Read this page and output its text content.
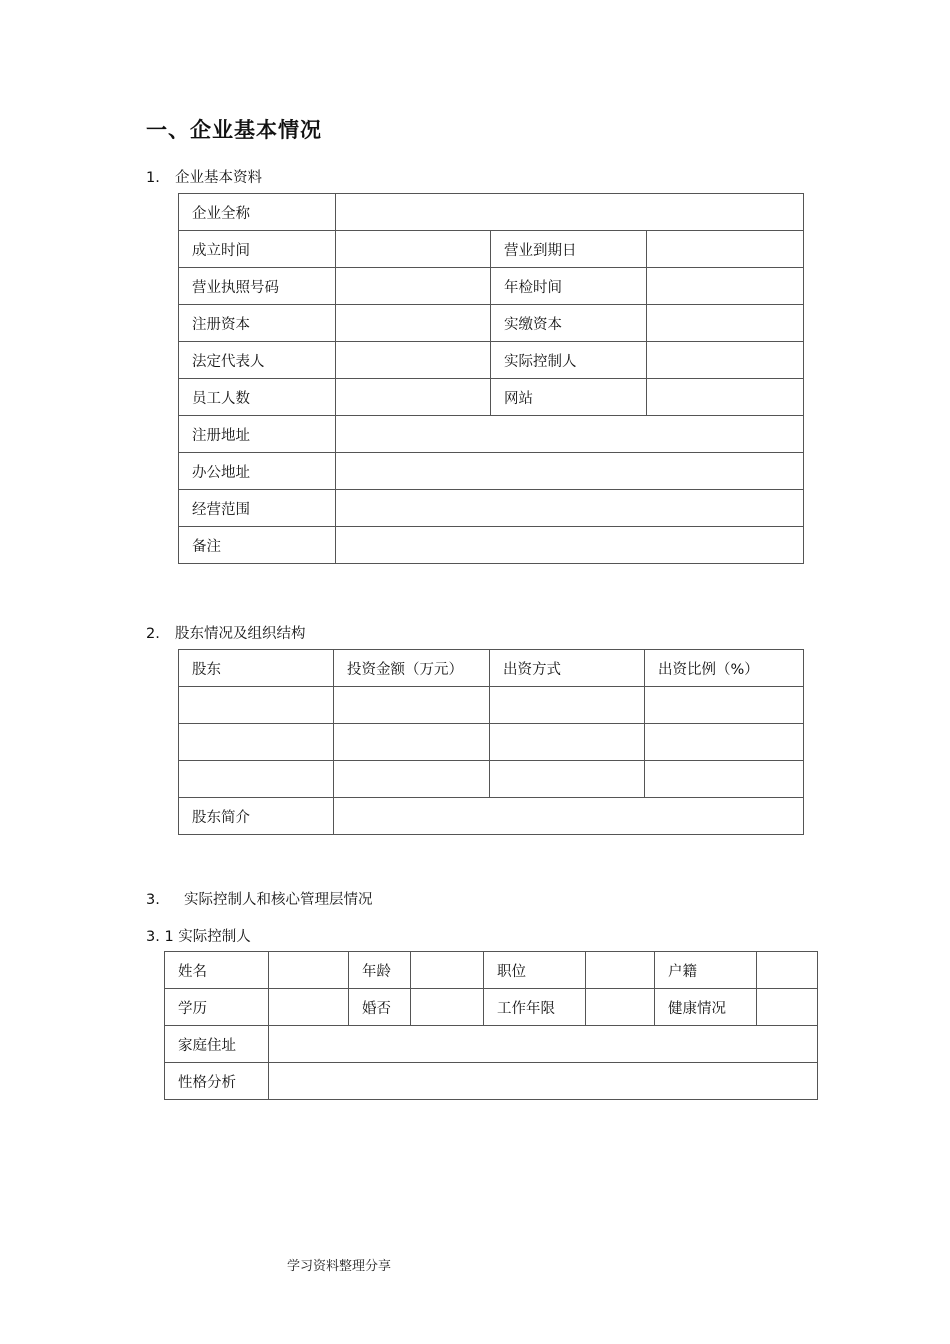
一、企业基本情况
1. 企业基本资料
企业全称			
成立时间		营业到期日	
营业执照号码		年检时间	
注册资本		实缴资本	
法定代表人		实际控制人	
员工人数		网站	
注册地址			
办公地址			
经营范围			
备注			
2. 股东情况及组织结构
股东	投资金额（万元）	出资方式	出资比例（%）

股东简介			
3. 实际控制人和核心管理层情况
3. 1 实际控制人
姓名		年龄		职位		户籍	
学历		婚否		工作年限		健康情况	
家庭住址							
性格分析							
学习资料整理分享
